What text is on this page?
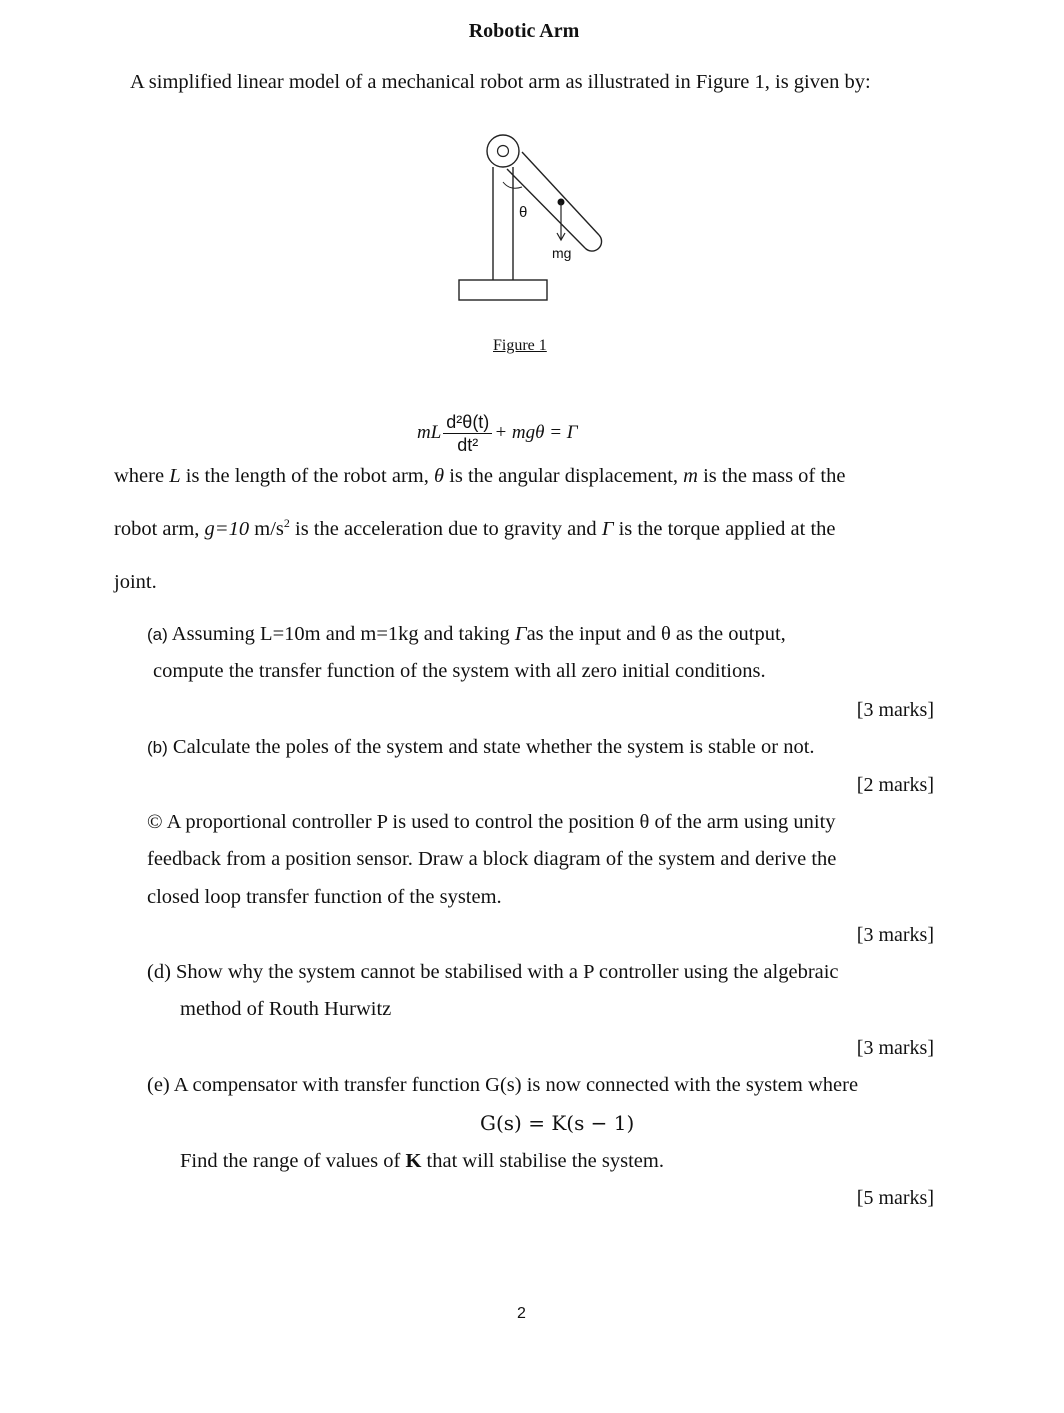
Robotic Arm
A simplified linear model of a mechanical robot arm as illustrated in Figure 1, is given by:
θ
mg
Figure 1
mL $\frac{\text{d²θ(t)}}{\text{dt²}} + mg\theta = \Gamma$
where L is the length of the robot arm, θ is the angular displacement, m is the mass of the
robot arm, g=10 $m/s^2$ is the acceleration due to gravity and Γ is the torque applied at the
joint.
(a) Assuming L=10m and m=1kg and taking Γas the input and θ as the output,
compute the transfer function of the system with all zero initial conditions.
[3 marks]
(b) Calculate the poles of the system and state whether the system is stable or not.
[2 marks]
© A proportional controller P is used to control the position θ of the arm using unity
feedback from a position sensor. Draw a block diagram of the system and derive the
closed loop transfer function of the system.
[3 marks]
(d) Show why the system cannot be stabilised with a P controller using the algebraic
method of Routh Hurwitz
[3 marks]
(e) A compensator with transfer function G(s) is now connected with the system where
G(s) = K(s − 1)
Find the range of values of K that will stabilise the system.
[5 marks]
2
